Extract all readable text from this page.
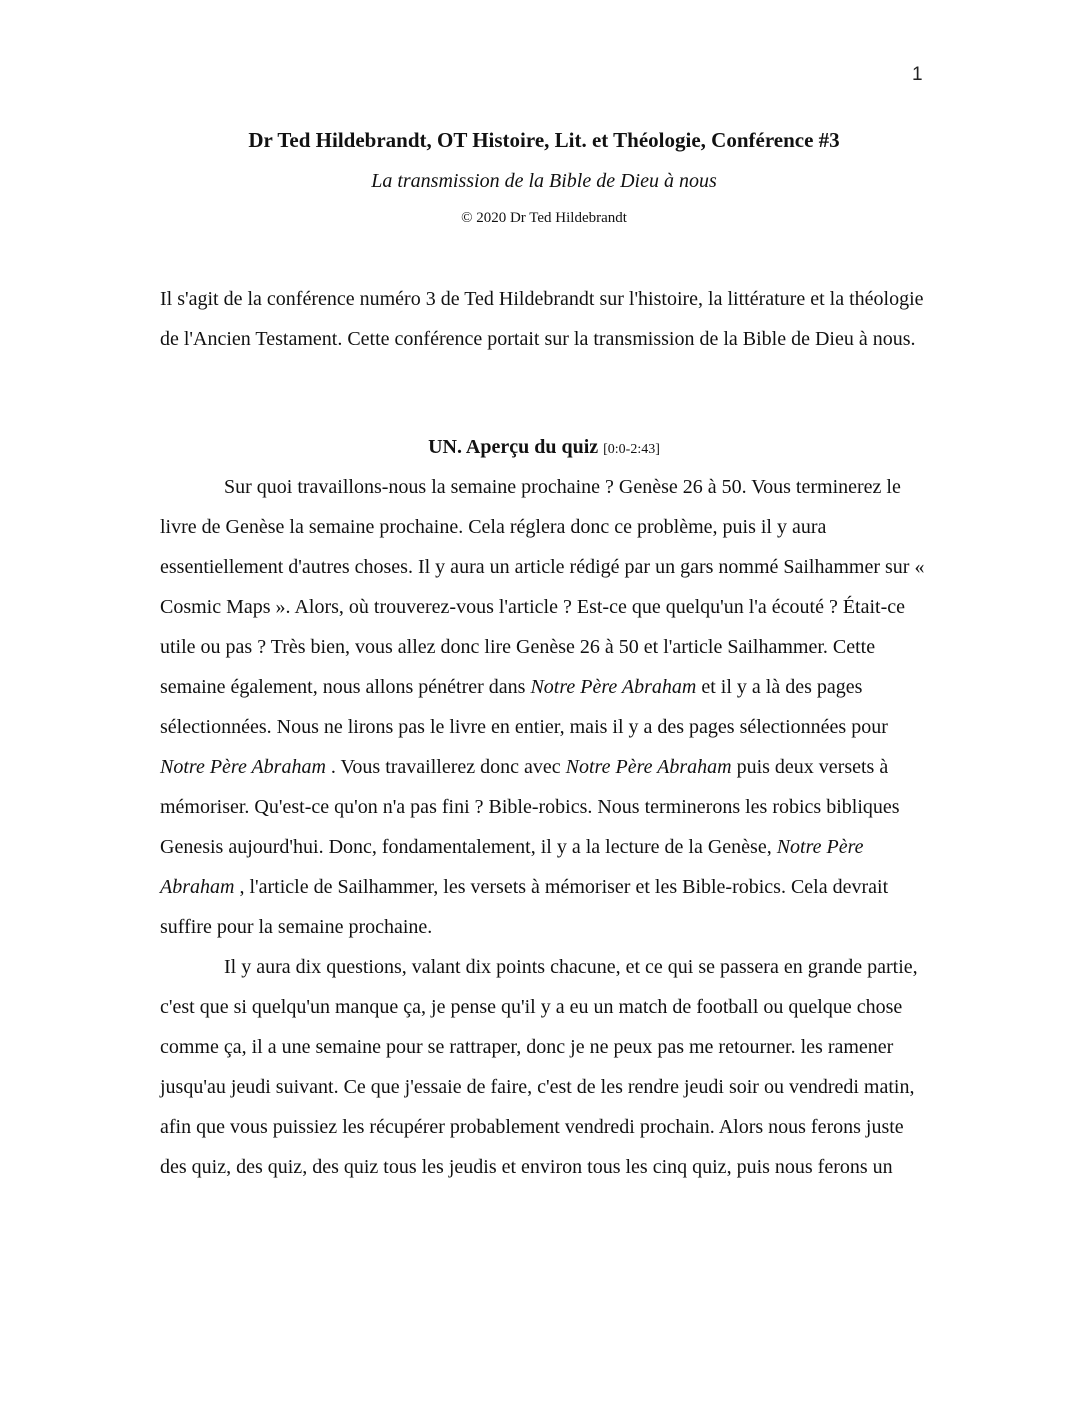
1
Dr Ted Hildebrandt, OT Histoire, Lit. et Théologie, Conférence #3
La transmission de la Bible de Dieu à nous
© 2020 Dr Ted Hildebrandt

Il s'agit de la conférence numéro 3 de Ted Hildebrandt sur l'histoire, la littérature et la théologie de l'Ancien Testament. Cette conférence portait sur la transmission de la Bible de Dieu à nous.

UN. Aperçu du quiz [0:0-2:43]

Sur quoi travaillons-nous la semaine prochaine ? Genèse 26 à 50. Vous terminerez le livre de Genèse la semaine prochaine. Cela réglera donc ce problème, puis il y aura essentiellement d'autres choses. Il y aura un article rédigé par un gars nommé Sailhammer sur « Cosmic Maps ». Alors, où trouverez-vous l'article ? Est-ce que quelqu'un l'a écouté ? Était-ce utile ou pas ? Très bien, vous allez donc lire Genèse 26 à 50 et l'article Sailhammer. Cette semaine également, nous allons pénétrer dans Notre Père Abraham et il y a là des pages sélectionnées. Nous ne lirons pas le livre en entier, mais il y a des pages sélectionnées pour Notre Père Abraham . Vous travaillerez donc avec Notre Père Abraham puis deux versets à mémoriser. Qu'est-ce qu'on n'a pas fini ? Bible-robics. Nous terminerons les robics bibliques Genesis aujourd'hui. Donc, fondamentalement, il y a la lecture de la Genèse, Notre Père Abraham , l'article de Sailhammer, les versets à mémoriser et les Bible-robics. Cela devrait suffire pour la semaine prochaine.

Il y aura dix questions, valant dix points chacune, et ce qui se passera en grande partie, c'est que si quelqu'un manque ça, je pense qu'il y a eu un match de football ou quelque chose comme ça, il a une semaine pour se rattraper, donc je ne peux pas me retourner. les ramener jusqu'au jeudi suivant. Ce que j'essaie de faire, c'est de les rendre jeudi soir ou vendredi matin, afin que vous puissiez les récupérer probablement vendredi prochain. Alors nous ferons juste des quiz, des quiz, des quiz tous les jeudis et environ tous les cinq quiz, puis nous ferons un
